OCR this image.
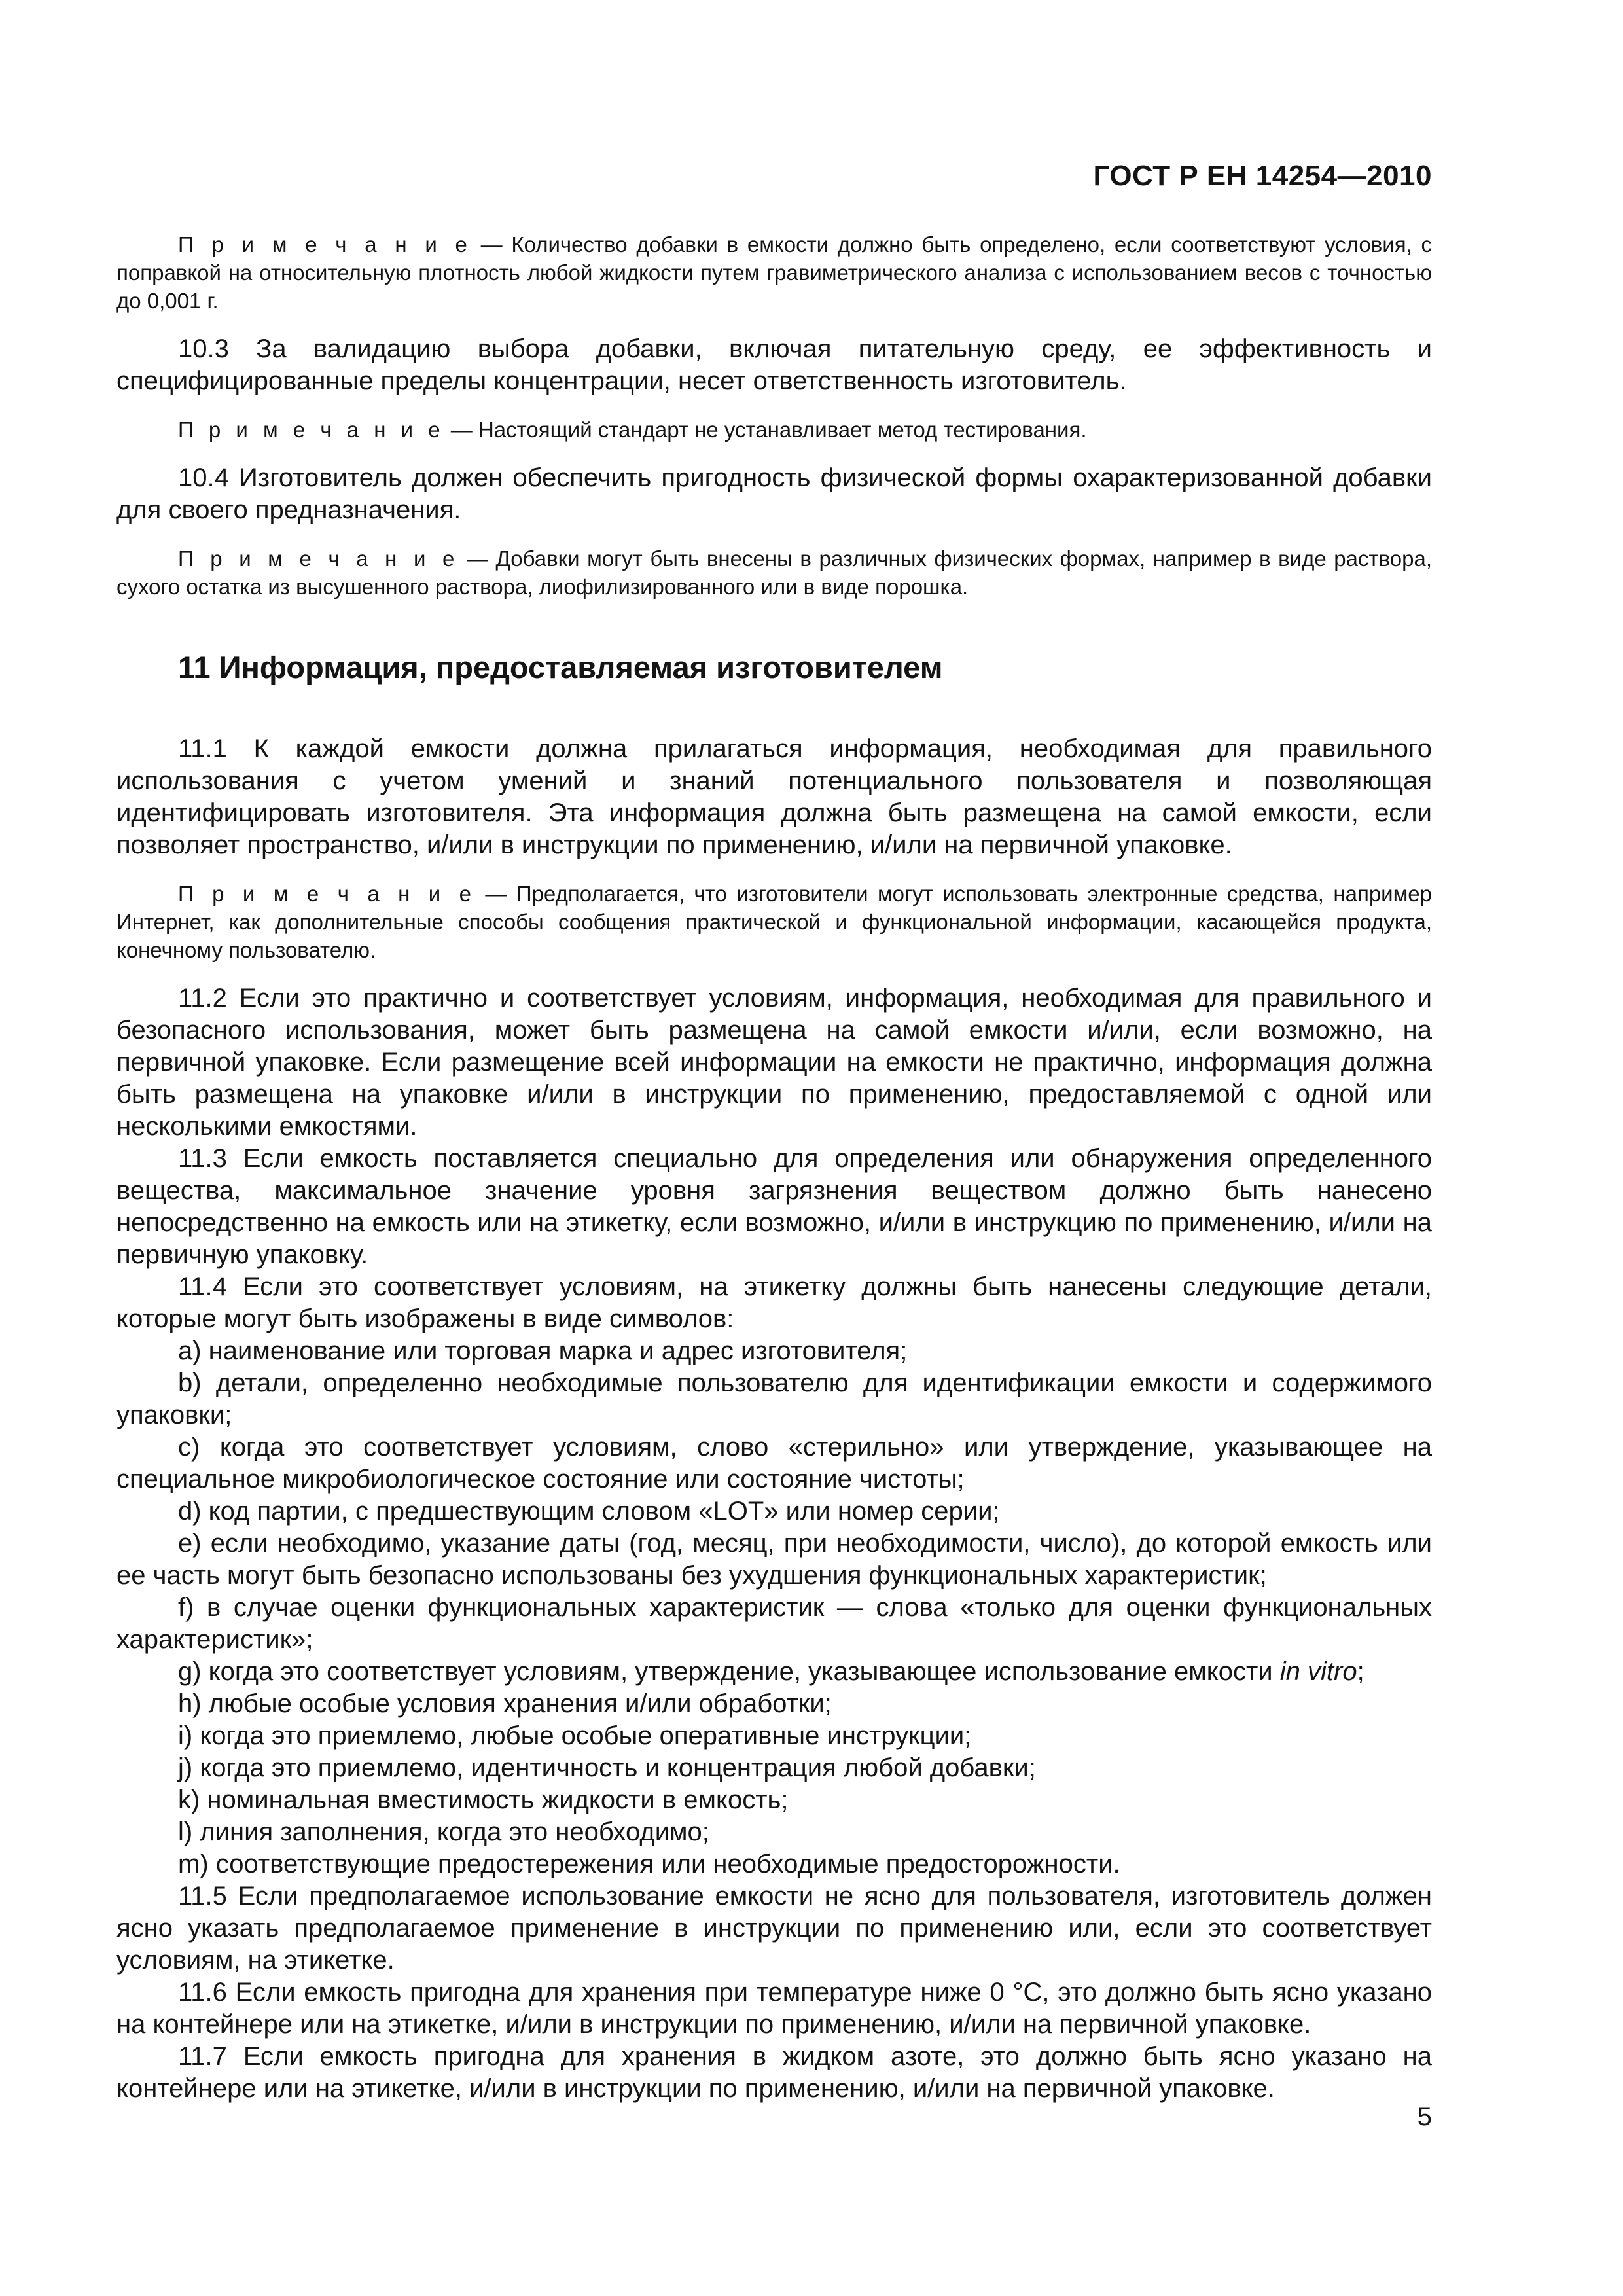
ГОСТ Р ЕН 14254—2010

П р и м е ч а н и е — Количество добавки в емкости должно быть определено, если соответствуют условия, с поправкой на относительную плотность любой жидкости путем гравиметрического анализа с использованием весов с точностью до 0,001 г.

10.3 За валидацию выбора добавки, включая питательную среду, ее эффективность и специфицированные пределы концентрации, несет ответственность изготовитель.

П р и м е ч а н и е — Настоящий стандарт не устанавливает метод тестирования.

10.4 Изготовитель должен обеспечить пригодность физической формы охарактеризованной добавки для своего предназначения.

П р и м е ч а н и е — Добавки могут быть внесены в различных физических формах, например в виде раствора, сухого остатка из высушенного раствора, лиофилизированного или в виде порошка.

11 Информация, предоставляемая изготовителем

11.1 К каждой емкости должна прилагаться информация, необходимая для правильного использования с учетом умений и знаний потенциального пользователя и позволяющая идентифицировать изготовителя. Эта информация должна быть размещена на самой емкости, если позволяет пространство, и/или в инструкции по применению, и/или на первичной упаковке.

П р и м е ч а н и е — Предполагается, что изготовители могут использовать электронные средства, например Интернет, как дополнительные способы сообщения практической и функциональной информации, касающейся продукта, конечному пользователю.

11.2 Если это практично и соответствует условиям, информация, необходимая для правильного и безопасного использования, может быть размещена на самой емкости и/или, если возможно, на первичной упаковке. Если размещение всей информации на емкости не практично, информация должна быть размещена на упаковке и/или в инструкции по применению, предоставляемой с одной или несколькими емкостями.

11.3 Если емкость поставляется специально для определения или обнаружения определенного вещества, максимальное значение уровня загрязнения веществом должно быть нанесено непосредственно на емкость или на этикетку, если возможно, и/или в инструкцию по применению, и/или на первичную упаковку.

11.4 Если это соответствует условиям, на этикетку должны быть нанесены следующие детали, которые могут быть изображены в виде символов:

а) наименование или торговая марка и адрес изготовителя;

b) детали, определенно необходимые пользователю для идентификации емкости и содержимого упаковки;

с) когда это соответствует условиям, слово «стерильно» или утверждение, указывающее на специальное микробиологическое состояние или состояние чистоты;

d) код партии, с предшествующим словом «LOT» или номер серии;

е) если необходимо, указание даты (год, месяц, при необходимости, число), до которой емкость или ее часть могут быть безопасно использованы без ухудшения функциональных характеристик;

f) в случае оценки функциональных характеристик — слова «только для оценки функциональных характеристик»;

g) когда это соответствует условиям, утверждение, указывающее использование емкости in vitro;

h) любые особые условия хранения и/или обработки;

i) когда это приемлемо, любые особые оперативные инструкции;

j) когда это приемлемо, идентичность и концентрация любой добавки;

k) номинальная вместимость жидкости в емкость;

l) линия заполнения, когда это необходимо;

m) соответствующие предостережения или необходимые предосторожности.

11.5 Если предполагаемое использование емкости не ясно для пользователя, изготовитель должен ясно указать предполагаемое применение в инструкции по применению или, если это соответствует условиям, на этикетке.

11.6 Если емкость пригодна для хранения при температуре ниже 0 °С, это должно быть ясно указано на контейнере или на этикетке, и/или в инструкции по применению, и/или на первичной упаковке.

11.7 Если емкость пригодна для хранения в жидком азоте, это должно быть ясно указано на контейнере или на этикетке, и/или в инструкции по применению, и/или на первичной упаковке.

5
